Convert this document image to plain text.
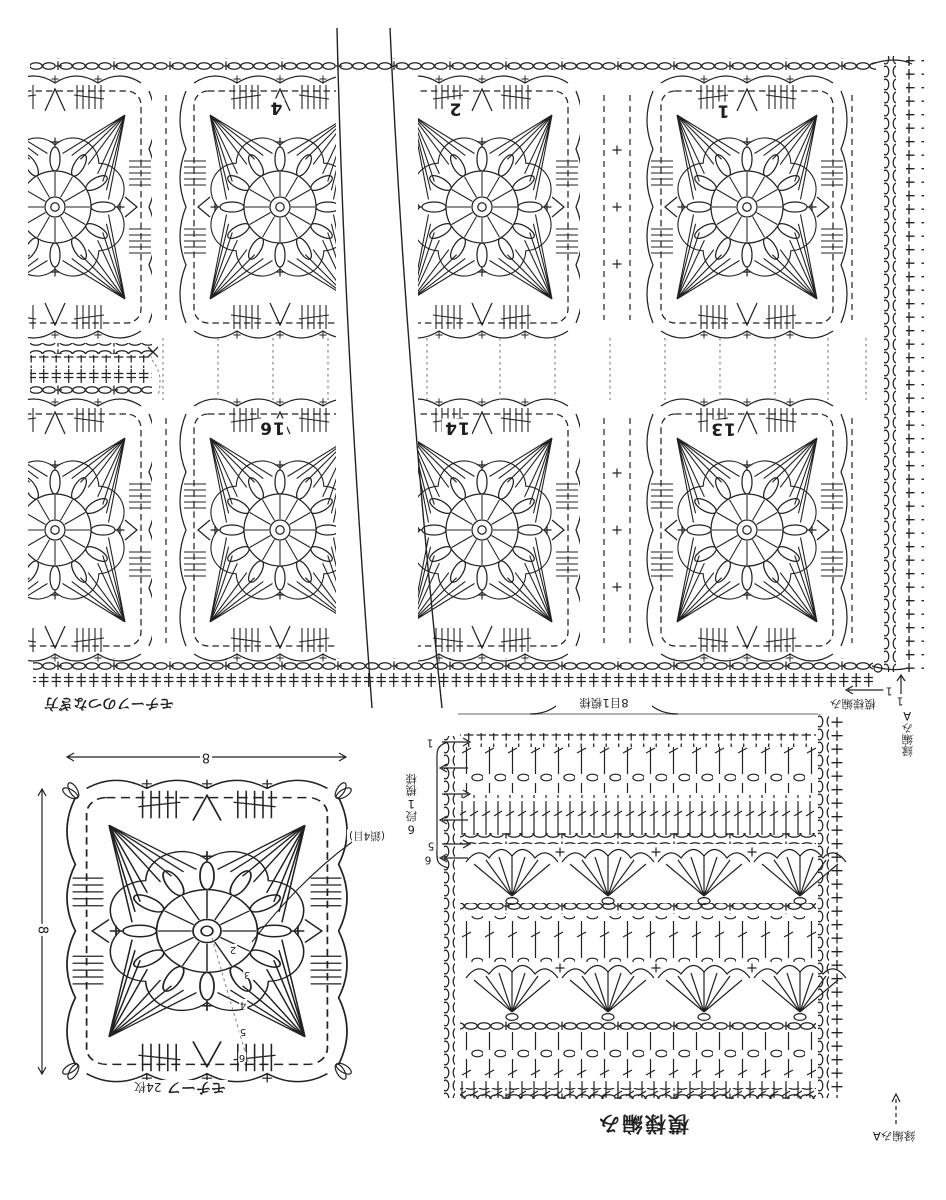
モチーフのつなぎ方
1
2
4
13
14
16
模様編み
1
1
縁編みA
8
8
(鎖4目)
2
3
4
5
6
モチーフ 24枚
8目1模様
6段1模様
1
5
6
模様編み
縁編みA
